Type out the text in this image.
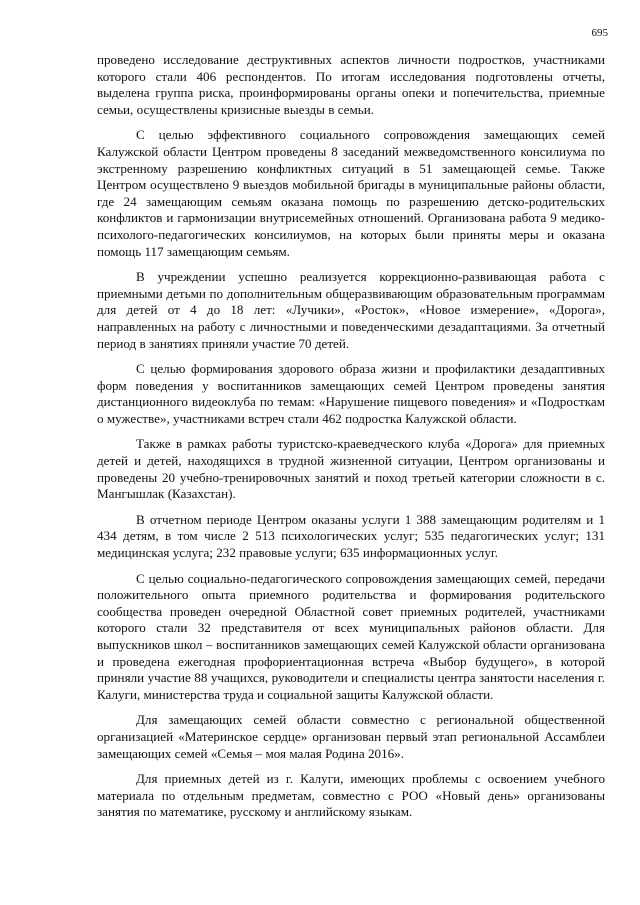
695

проведено исследование деструктивных аспектов личности подростков, участниками которого стали 406 респондентов. По итогам исследования подготовлены отчеты, выделена группа риска, проинформированы органы опеки и попечительства, приемные семьи, осуществлены кризисные выезды в семьи.

С целью эффективного социального сопровождения замещающих семей Калужской области Центром проведены 8 заседаний межведомственного консилиума по экстренному разрешению конфликтных ситуаций в 51 замещающей семье. Также Центром осуществлено 9 выездов мобильной бригады в муниципальные районы области, где 24 замещающим семьям оказана помощь по разрешению детско-родительских конфликтов и гармонизации внутрисемейных отношений. Организована работа 9 медико-психолого-педагогических консилиумов, на которых были приняты меры и оказана помощь 117 замещающим семьям.

В учреждении успешно реализуется коррекционно-развивающая работа с приемными детьми по дополнительным общеразвивающим образовательным программам для детей от 4 до 18 лет: «Лучики», «Росток», «Новое измерение», «Дорога», направленных на работу с личностными и поведенческими дезадаптациями. За отчетный период в занятиях приняли участие 70 детей.

С целью формирования здорового образа жизни и профилактики дезадаптивных форм поведения у воспитанников замещающих семей Центром проведены занятия дистанционного видеоклуба по темам: «Нарушение пищевого поведения» и «Подросткам о мужестве», участниками встреч стали 462 подростка Калужской области.

Также в рамках работы туристско-краеведческого клуба «Дорога» для приемных детей и детей, находящихся в трудной жизненной ситуации, Центром организованы и проведены 20 учебно-тренировочных занятий и поход третьей категории сложности в с. Мангышлак (Казахстан).

В отчетном периоде Центром оказаны услуги 1 388 замещающим родителям и 1 434 детям, в том числе 2 513 психологических услуг; 535 педагогических услуг; 131 медицинская услуга; 232 правовые услуги; 635 информационных услуг.

С целью социально-педагогического сопровождения замещающих семей, передачи положительного опыта приемного родительства и формирования родительского сообщества проведен очередной Областной совет приемных родителей, участниками которого стали 32 представителя от всех муниципальных районов области. Для выпускников школ – воспитанников замещающих семей Калужской области организована и проведена ежегодная профориентационная встреча «Выбор будущего», в которой приняли участие 88 учащихся, руководители и специалисты центра занятости населения г. Калуги, министерства труда и социальной защиты Калужской области.

Для замещающих семей области совместно с региональной общественной организацией «Материнское сердце» организован первый этап региональной Ассамблеи замещающих семей «Семья – моя малая Родина 2016».

Для приемных детей из г. Калуги, имеющих проблемы с освоением учебного материала по отдельным предметам, совместно с РОО «Новый день» организованы занятия по математике, русскому и английскому языкам.
